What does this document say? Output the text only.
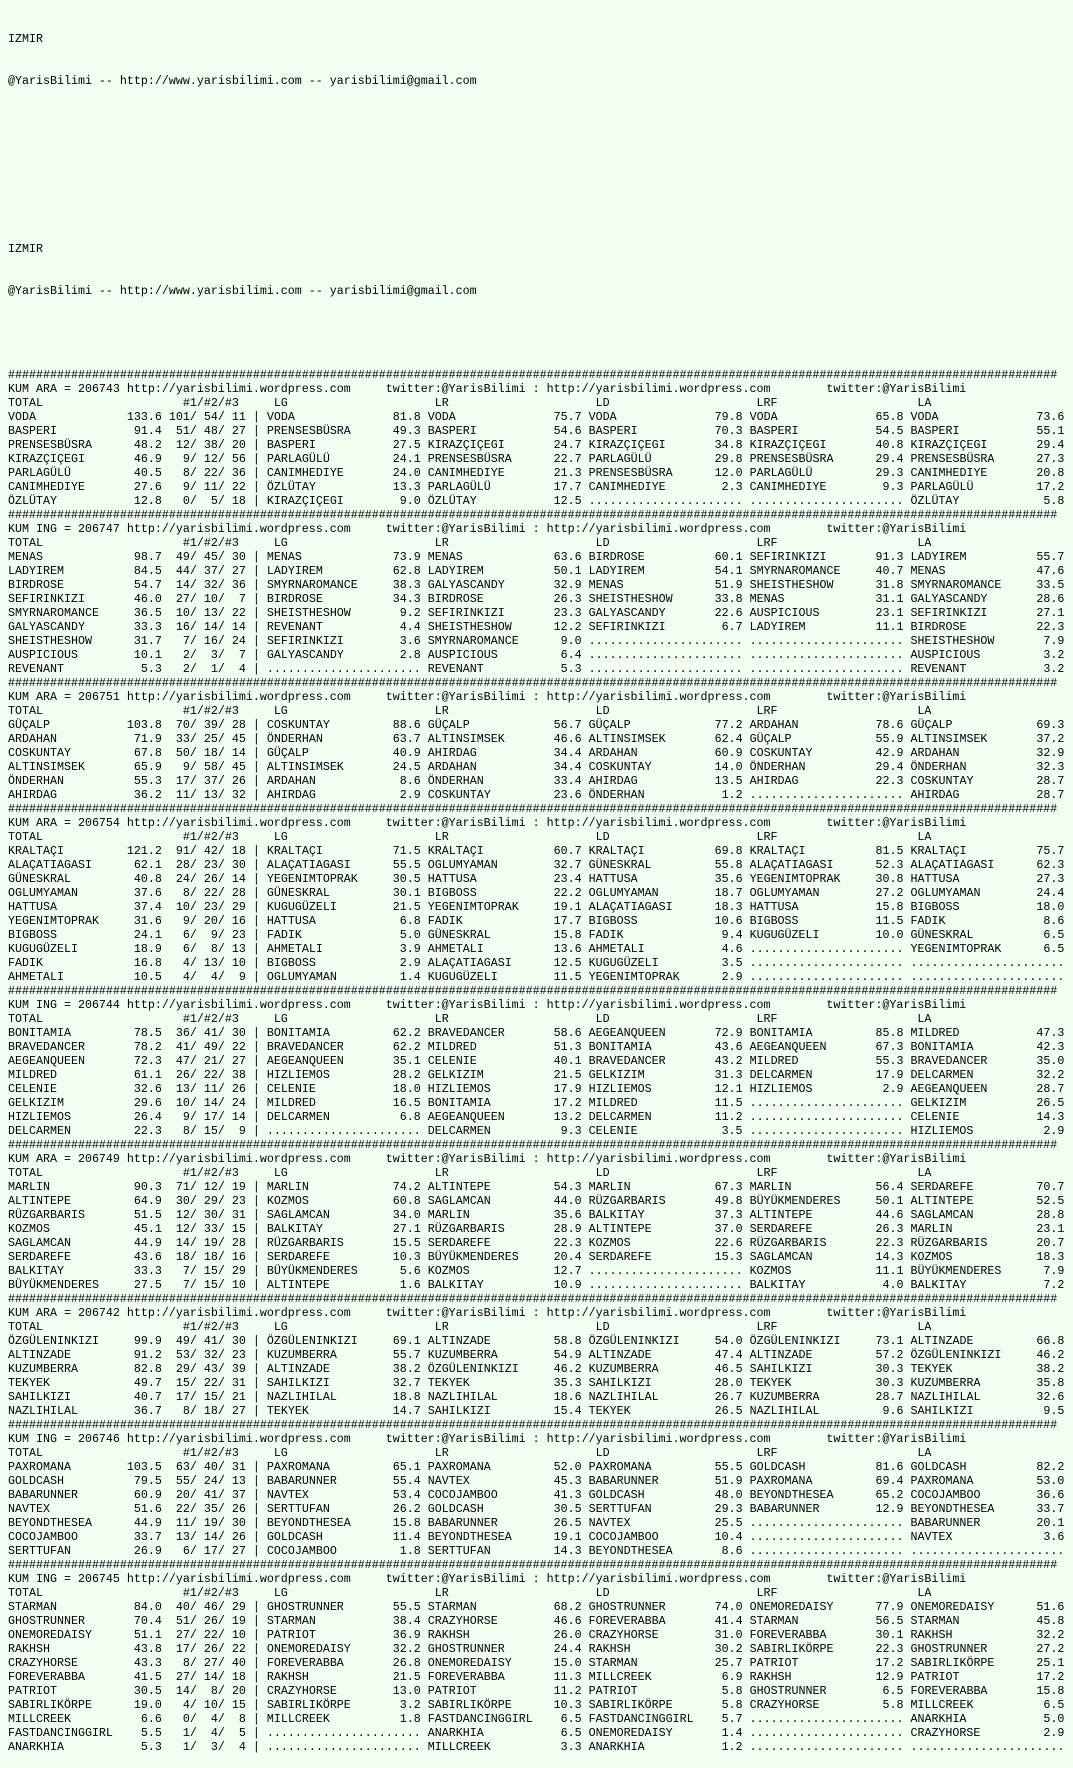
IZMIR

@YarisBilimi -- http://www.yarisbilimi.com -- yarisbilimi@gmail.com

IZMIR

@YarisBilimi -- http://www.yarisbilimi.com -- yarisbilimi@gmail.com

######################################################################################################################################################
KUM ARA = 206743 http://yarisbilimi.wordpress.com     twitter:@YarisBilimi : http://yarisbilimi.wordpress.com        twitter:@YarisBilimi
TOTAL                    #1/#2/#3     LG                     LR                     LD                     LRF                    LA
VODA             133.6 101/ 54/ 11 | VODA              81.8 VODA              75.7 VODA              79.8 VODA              65.8 VODA              73.6
BASPERI           91.4  51/ 48/ 27 | PRENSESBÜSRA      49.3 BASPERI           54.6 BASPERI           70.3 BASPERI           54.5 BASPERI           55.1
PRENSESBÜSRA      48.2  12/ 38/ 20 | BASPERI           27.5 KIRAZÇIÇEGI       24.7 KIRAZÇIÇEGI       34.8 KIRAZÇIÇEGI       40.8 KIRAZÇIÇEGI       29.4
KIRAZÇIÇEGI       46.9   9/ 12/ 56 | PARLAGÜLÜ         24.1 PRENSESBÜSRA      22.7 PARLAGÜLÜ         29.8 PRENSESBÜSRA      29.4 PRENSESBÜSRA      27.3
PARLAGÜLÜ         40.5   8/ 22/ 36 | CANIMHEDIYE       24.0 CANIMHEDIYE       21.3 PRENSESBÜSRA      12.0 PARLAGÜLÜ         29.3 CANIMHEDIYE       20.8
CANIMHEDIYE       27.6   9/ 11/ 22 | ÖZLÜTAY           13.3 PARLAGÜLÜ         17.7 CANIMHEDIYE        2.3 CANIMHEDIYE        9.3 PARLAGÜLÜ         17.2
ÖZLÜTAY           12.8   0/  5/ 18 | KIRAZÇIÇEGI        9.0 ÖZLÜTAY           12.5 ...................... ...................... ÖZLÜTAY            5.8
######################################################################################################################################################
KUM ING = 206747 http://yarisbilimi.wordpress.com     twitter:@YarisBilimi : http://yarisbilimi.wordpress.com        twitter:@YarisBilimi
TOTAL                    #1/#2/#3     LG                     LR                     LD                     LRF                    LA
MENAS             98.7  49/ 45/ 30 | MENAS             73.9 MENAS             63.6 BIRDROSE          60.1 SEFIRINKIZI       91.3 LADYIREM          55.7
LADYIREM          84.5  44/ 37/ 27 | LADYIREM          62.8 LADYIREM          50.1 LADYIREM          54.1 SMYRNAROMANCE     40.7 MENAS             47.6
BIRDROSE          54.7  14/ 32/ 36 | SMYRNAROMANCE     38.3 GALYASCANDY       32.9 MENAS             51.9 SHEISTHESHOW      31.8 SMYRNAROMANCE     33.5
SEFIRINKIZI       46.0  27/ 10/  7 | BIRDROSE          34.3 BIRDROSE          26.3 SHEISTHESHOW      33.8 MENAS             31.1 GALYASCANDY       28.6
SMYRNAROMANCE     36.5  10/ 13/ 22 | SHEISTHESHOW       9.2 SEFIRINKIZI       23.3 GALYASCANDY       22.6 AUSPICIOUS        23.1 SEFIRINKIZI       27.1
GALYASCANDY       33.3  16/ 14/ 14 | REVENANT           4.4 SHEISTHESHOW      12.2 SEFIRINKIZI        6.7 LADYIREM          11.1 BIRDROSE          22.3
SHEISTHESHOW      31.7   7/ 16/ 24 | SEFIRINKIZI        3.6 SMYRNAROMANCE      9.0 ...................... ...................... SHEISTHESHOW       7.9
AUSPICIOUS        10.1   2/  3/  7 | GALYASCANDY        2.8 AUSPICIOUS         6.4 ...................... ...................... AUSPICIOUS         3.2
REVENANT           5.3   2/  1/  4 | ...................... REVENANT           5.3 ...................... ...................... REVENANT           3.2
######################################################################################################################################################
KUM ARA = 206751 http://yarisbilimi.wordpress.com     twitter:@YarisBilimi : http://yarisbilimi.wordpress.com        twitter:@YarisBilimi
TOTAL                    #1/#2/#3     LG                     LR                     LD                     LRF                    LA
GÜÇALP           103.8  70/ 39/ 28 | COSKUNTAY         88.6 GÜÇALP            56.7 GÜÇALP            77.2 ARDAHAN           78.6 GÜÇALP            69.3
ARDAHAN           71.9  33/ 25/ 45 | ÖNDERHAN          63.7 ALTINSIMSEK       46.6 ALTINSIMSEK       62.4 GÜÇALP            55.9 ALTINSIMSEK       37.2
COSKUNTAY         67.8  50/ 18/ 14 | GÜÇALP            40.9 AHIRDAG           34.4 ARDAHAN           60.9 COSKUNTAY         42.9 ARDAHAN           32.9
ALTINSIMSEK       65.9   9/ 58/ 45 | ALTINSIMSEK       24.5 ARDAHAN           34.4 COSKUNTAY         14.0 ÖNDERHAN          29.4 ÖNDERHAN          32.3
ÖNDERHAN          55.3  17/ 37/ 26 | ARDAHAN            8.6 ÖNDERHAN          33.4 AHIRDAG           13.5 AHIRDAG           22.3 COSKUNTAY         28.7
AHIRDAG           36.2  11/ 13/ 32 | AHIRDAG            2.9 COSKUNTAY         23.6 ÖNDERHAN           1.2 ...................... AHIRDAG           28.7
######################################################################################################################################################
KUM ARA = 206754 http://yarisbilimi.wordpress.com     twitter:@YarisBilimi : http://yarisbilimi.wordpress.com        twitter:@YarisBilimi
TOTAL                    #1/#2/#3     LG                     LR                     LD                     LRF                    LA
KRALTAÇI         121.2  91/ 42/ 18 | KRALTAÇI          71.5 KRALTAÇI          60.7 KRALTAÇI          69.8 KRALTAÇI          81.5 KRALTAÇI          75.7
ALAÇATIAGASI      62.1  28/ 23/ 30 | ALAÇATIAGASI      55.5 OGLUMYAMAN        32.7 GÜNESKRAL         55.8 ALAÇATIAGASI      52.3 ALAÇATIAGASI      62.3
GÜNESKRAL         40.8  24/ 26/ 14 | YEGENIMTOPRAK     30.5 HATTUSA           23.4 HATTUSA           35.6 YEGENIMTOPRAK     30.8 HATTUSA           27.3
OGLUMYAMAN        37.6   8/ 22/ 28 | GÜNESKRAL         30.1 BIGBOSS           22.2 OGLUMYAMAN        18.7 OGLUMYAMAN        27.2 OGLUMYAMAN        24.4
HATTUSA           37.4  10/ 23/ 29 | KUGUGÜZELI        21.5 YEGENIMTOPRAK     19.1 ALAÇATIAGASI      18.3 HATTUSA           15.8 BIGBOSS           18.0
YEGENIMTOPRAK     31.6   9/ 20/ 16 | HATTUSA            6.8 FADIK             17.7 BIGBOSS           10.6 BIGBOSS           11.5 FADIK              8.6
BIGBOSS           24.1   6/  9/ 23 | FADIK              5.0 GÜNESKRAL         15.8 FADIK              9.4 KUGUGÜZELI        10.0 GÜNESKRAL          6.5
KUGUGÜZELI        18.9   6/  8/ 13 | AHMETALI           3.9 AHMETALI          13.6 AHMETALI           4.6 ...................... YEGENIMTOPRAK      6.5
FADIK             16.8   4/ 13/ 10 | BIGBOSS            2.9 ALAÇATIAGASI      12.5 KUGUGÜZELI         3.5 ...................... ......................
AHMETALI          10.5   4/  4/  9 | OGLUMYAMAN         1.4 KUGUGÜZELI        11.5 YEGENIMTOPRAK      2.9 ...................... ......................
######################################################################################################################################################
KUM ING = 206744 http://yarisbilimi.wordpress.com     twitter:@YarisBilimi : http://yarisbilimi.wordpress.com        twitter:@YarisBilimi
TOTAL                    #1/#2/#3     LG                     LR                     LD                     LRF                    LA
BONITAMIA         78.5  36/ 41/ 30 | BONITAMIA         62.2 BRAVEDANCER       58.6 AEGEANQUEEN       72.9 BONITAMIA         85.8 MILDRED           47.3
BRAVEDANCER       78.2  41/ 49/ 22 | BRAVEDANCER       62.2 MILDRED           51.3 BONITAMIA         43.6 AEGEANQUEEN       67.3 BONITAMIA         42.3
AEGEANQUEEN       72.3  47/ 21/ 27 | AEGEANQUEEN       35.1 CELENIE           40.1 BRAVEDANCER       43.2 MILDRED           55.3 BRAVEDANCER       35.0
MILDRED           61.1  26/ 22/ 38 | HIZLIEMOS         28.2 GELKIZIM          21.5 GELKIZIM          31.3 DELCARMEN         17.9 DELCARMEN         32.2
CELENIE           32.6  13/ 11/ 26 | CELENIE           18.0 HIZLIEMOS         17.9 HIZLIEMOS         12.1 HIZLIEMOS          2.9 AEGEANQUEEN       28.7
GELKIZIM          29.6  10/ 14/ 24 | MILDRED           16.5 BONITAMIA         17.2 MILDRED           11.5 ...................... GELKIZIM          26.5
HIZLIEMOS         26.4   9/ 17/ 14 | DELCARMEN          6.8 AEGEANQUEEN       13.2 DELCARMEN         11.2 ...................... CELENIE           14.3
DELCARMEN         22.3   8/ 15/  9 | ...................... DELCARMEN          9.3 CELENIE            3.5 ...................... HIZLIEMOS          2.9
######################################################################################################################################################
KUM ARA = 206749 http://yarisbilimi.wordpress.com     twitter:@YarisBilimi : http://yarisbilimi.wordpress.com        twitter:@YarisBilimi
TOTAL                    #1/#2/#3     LG                     LR                     LD                     LRF                    LA
MARLIN            90.3  71/ 12/ 19 | MARLIN            74.2 ALTINTEPE         54.3 MARLIN            67.3 MARLIN            56.4 SERDAREFE         70.7
ALTINTEPE         64.9  30/ 29/ 23 | KOZMOS            60.8 SAGLAMCAN         44.0 RÜZGARBARIS       49.8 BÜYÜKMENDERES     50.1 ALTINTEPE         52.5
RÜZGARBARIS       51.5  12/ 30/ 31 | SAGLAMCAN         34.0 MARLIN            35.6 BALKITAY          37.3 ALTINTEPE         44.6 SAGLAMCAN         28.8
KOZMOS            45.1  12/ 33/ 15 | BALKITAY          27.1 RÜZGARBARIS       28.9 ALTINTEPE         37.0 SERDAREFE         26.3 MARLIN            23.1
SAGLAMCAN         44.9  14/ 19/ 28 | RÜZGARBARIS       15.5 SERDAREFE         22.3 KOZMOS            22.6 RÜZGARBARIS       22.3 RÜZGARBARIS       20.7
SERDAREFE         43.6  18/ 18/ 16 | SERDAREFE         10.3 BÜYÜKMENDERES     20.4 SERDAREFE         15.3 SAGLAMCAN         14.3 KOZMOS            18.3
BALKITAY          33.3   7/ 15/ 29 | BÜYÜKMENDERES      5.6 KOZMOS            12.7 ...................... KOZMOS            11.1 BÜYÜKMENDERES      7.9
BÜYÜKMENDERES     27.5   7/ 15/ 10 | ALTINTEPE          1.6 BALKITAY          10.9 ...................... BALKITAY           4.0 BALKITAY           7.2
######################################################################################################################################################
KUM ARA = 206742 http://yarisbilimi.wordpress.com     twitter:@YarisBilimi : http://yarisbilimi.wordpress.com        twitter:@YarisBilimi
TOTAL                    #1/#2/#3     LG                     LR                     LD                     LRF                    LA
ÖZGÜLENINKIZI     99.9  49/ 41/ 30 | ÖZGÜLENINKIZI     69.1 ALTINZADE         58.8 ÖZGÜLENINKIZI     54.0 ÖZGÜLENINKIZI     73.1 ALTINZADE         66.8
ALTINZADE         91.2  53/ 32/ 23 | KUZUMBERRA        55.7 KUZUMBERRA        54.9 ALTINZADE         47.4 ALTINZADE         57.2 ÖZGÜLENINKIZI     46.2
KUZUMBERRA        82.8  29/ 43/ 39 | ALTINZADE         38.2 ÖZGÜLENINKIZI     46.2 KUZUMBERRA        46.5 SAHILKIZI         30.3 TEKYEK            38.2
TEKYEK            49.7  15/ 22/ 31 | SAHILKIZI         32.7 TEKYEK            35.3 SAHILKIZI         28.0 TEKYEK            30.3 KUZUMBERRA        35.8
SAHILKIZI         40.7  17/ 15/ 21 | NAZLIHILAL        18.8 NAZLIHILAL        18.6 NAZLIHILAL        26.7 KUZUMBERRA        28.7 NAZLIHILAL        32.6
NAZLIHILAL        36.7   8/ 18/ 27 | TEKYEK            14.7 SAHILKIZI         15.4 TEKYEK            26.5 NAZLIHILAL         9.6 SAHILKIZI          9.5
######################################################################################################################################################
KUM ING = 206746 http://yarisbilimi.wordpress.com     twitter:@YarisBilimi : http://yarisbilimi.wordpress.com        twitter:@YarisBilimi
TOTAL                    #1/#2/#3     LG                     LR                     LD                     LRF                    LA
PAXROMANA        103.5  63/ 40/ 31 | PAXROMANA         65.1 PAXROMANA         52.0 PAXROMANA         55.5 GOLDCASH          81.6 GOLDCASH          82.2
GOLDCASH          79.5  55/ 24/ 13 | BABARUNNER        55.4 NAVTEX            45.3 BABARUNNER        51.9 PAXROMANA         69.4 PAXROMANA         53.0
BABARUNNER        60.9  20/ 41/ 37 | NAVTEX            53.4 COCOJAMBOO        41.3 GOLDCASH          48.0 BEYONDTHESEA      65.2 COCOJAMBOO        36.6
NAVTEX            51.6  22/ 35/ 26 | SERTTUFAN         26.2 GOLDCASH          30.5 SERTTUFAN         29.3 BABARUNNER        12.9 BEYONDTHESEA      33.7
BEYONDTHESEA      44.9  11/ 19/ 30 | BEYONDTHESEA      15.8 BABARUNNER        26.5 NAVTEX            25.5 ...................... BABARUNNER        20.1
COCOJAMBOO        33.7  13/ 14/ 26 | GOLDCASH          11.4 BEYONDTHESEA      19.1 COCOJAMBOO        10.4 ...................... NAVTEX             3.6
SERTTUFAN         26.9   6/ 17/ 27 | COCOJAMBOO         1.8 SERTTUFAN         14.3 BEYONDTHESEA       8.6 ...................... ......................
######################################################################################################################################################
KUM ING = 206745 http://yarisbilimi.wordpress.com     twitter:@YarisBilimi : http://yarisbilimi.wordpress.com        twitter:@YarisBilimi
TOTAL                    #1/#2/#3     LG                     LR                     LD                     LRF                    LA
STARMAN           84.0  40/ 46/ 29 | GHOSTRUNNER       55.5 STARMAN           68.2 GHOSTRUNNER       74.0 ONEMOREDAISY      77.9 ONEMOREDAISY      51.6
GHOSTRUNNER       70.4  51/ 26/ 19 | STARMAN           38.4 CRAZYHORSE        46.6 FOREVERABBA       41.4 STARMAN           56.5 STARMAN           45.8
ONEMOREDAISY      51.1  27/ 22/ 10 | PATRIOT           36.9 RAKHSH            26.0 CRAZYHORSE        31.0 FOREVERABBA       30.1 RAKHSH            32.2
RAKHSH            43.8  17/ 26/ 22 | ONEMOREDAISY      32.2 GHOSTRUNNER       24.4 RAKHSH            30.2 SABIRLIKÖRPE      22.3 GHOSTRUNNER       27.2
CRAZYHORSE        43.3   8/ 27/ 40 | FOREVERABBA       26.8 ONEMOREDAISY      15.0 STARMAN           25.7 PATRIOT           17.2 SABIRLIKÖRPE      25.1
FOREVERABBA       41.5  27/ 14/ 18 | RAKHSH            21.5 FOREVERABBA       11.3 MILLCREEK          6.9 RAKHSH            12.9 PATRIOT           17.2
PATRIOT           30.5  14/  8/ 20 | CRAZYHORSE        13.0 PATRIOT           11.2 PATRIOT            5.8 GHOSTRUNNER        6.5 FOREVERABBA       15.8
SABIRLIKÖRPE      19.0   4/ 10/ 15 | SABIRLIKÖRPE       3.2 SABIRLIKÖRPE      10.3 SABIRLIKÖRPE       5.8 CRAZYHORSE         5.8 MILLCREEK          6.5
MILLCREEK          6.6   0/  4/  8 | MILLCREEK          1.8 FASTDANCINGGIRL    6.5 FASTDANCINGGIRL    5.7 ...................... ANARKHIA           5.0
FASTDANCINGGIRL    5.5   1/  4/  5 | ...................... ANARKHIA           6.5 ONEMOREDAISY       1.4 ...................... CRAZYHORSE         2.9
ANARKHIA           5.3   1/  3/  4 | ...................... MILLCREEK          3.3 ANARKHIA           1.2 ...................... ......................
